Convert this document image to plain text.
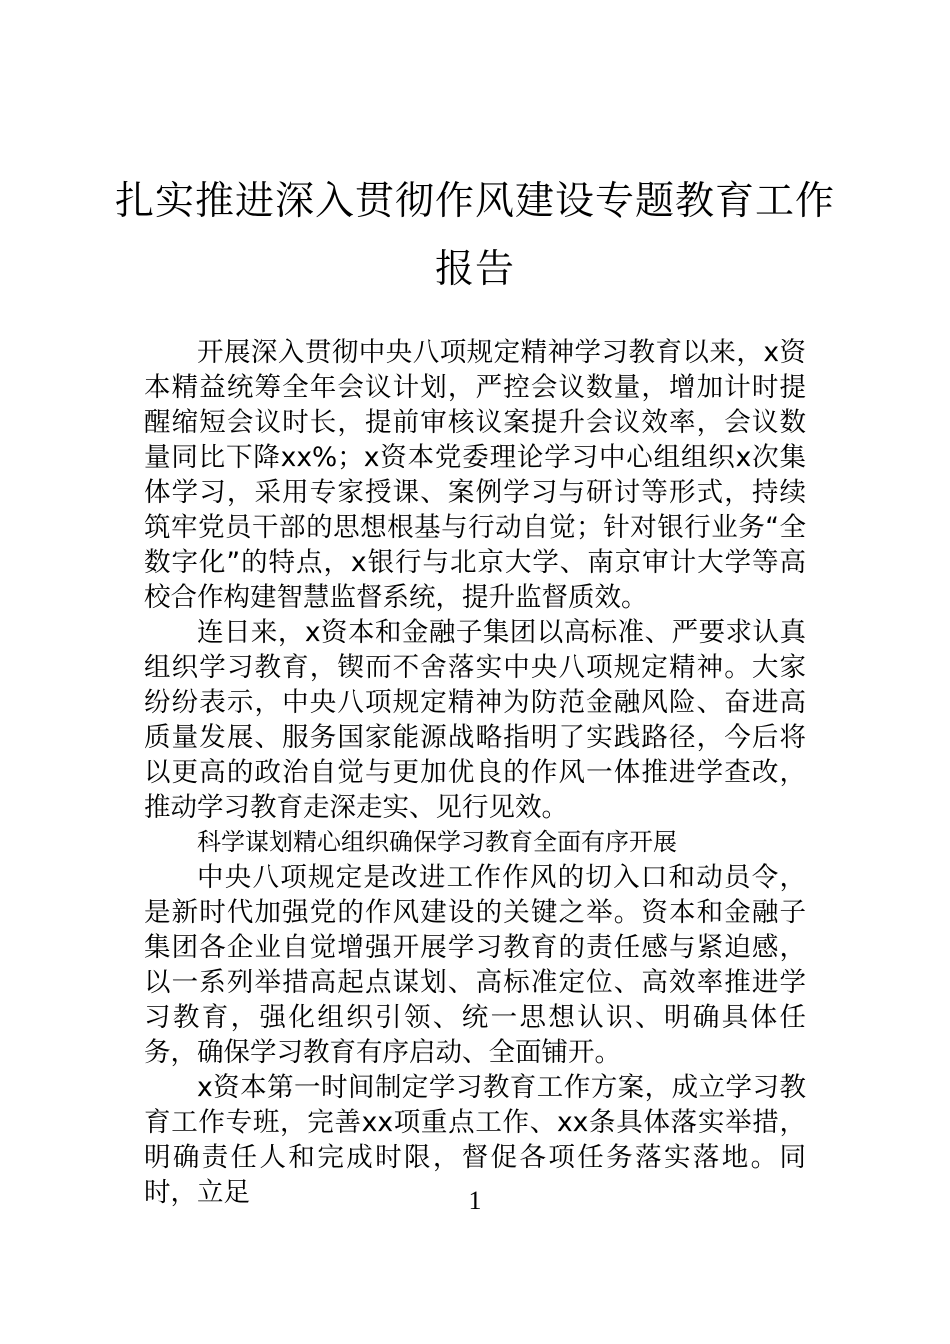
扎实推进深入贯彻作风建设专题教育工作
报告

开展深入贯彻中央八项规定精神学习教育以来，x资本精益统筹全年会议计划，严控会议数量，增加计时提醒缩短会议时长，提前审核议案提升会议效率，会议数量同比下降xx%；x资本党委理论学习中心组组织x次集体学习，采用专家授课、案例学习与研讨等形式，持续筑牢党员干部的思想根基与行动自觉；针对银行业务“全数字化”的特点，x银行与北京大学、南京审计大学等高校合作构建智慧监督系统，提升监督质效。

连日来，x资本和金融子集团以高标准、严要求认真组织学习教育，锲而不舍落实中央八项规定精神。大家纷纷表示，中央八项规定精神为防范金融风险、奋进高质量发展、服务国家能源战略指明了实践路径，今后将以更高的政治自觉与更加优良的作风一体推进学查改，推动学习教育走深走实、见行见效。

科学谋划精心组织确保学习教育全面有序开展

中央八项规定是改进工作作风的切入口和动员令，是新时代加强党的作风建设的关键之举。资本和金融子集团各企业自觉增强开展学习教育的责任感与紧迫感，以一系列举措高起点谋划、高标准定位、高效率推进学习教育，强化组织引领、统一思想认识、明确具体任务，确保学习教育有序启动、全面铺开。

x资本第一时间制定学习教育工作方案，成立学习教育工作专班，完善xx项重点工作、xx条具体落实举措，明确责任人和完成时限，督促各项任务落实落地。同时，立足	1
